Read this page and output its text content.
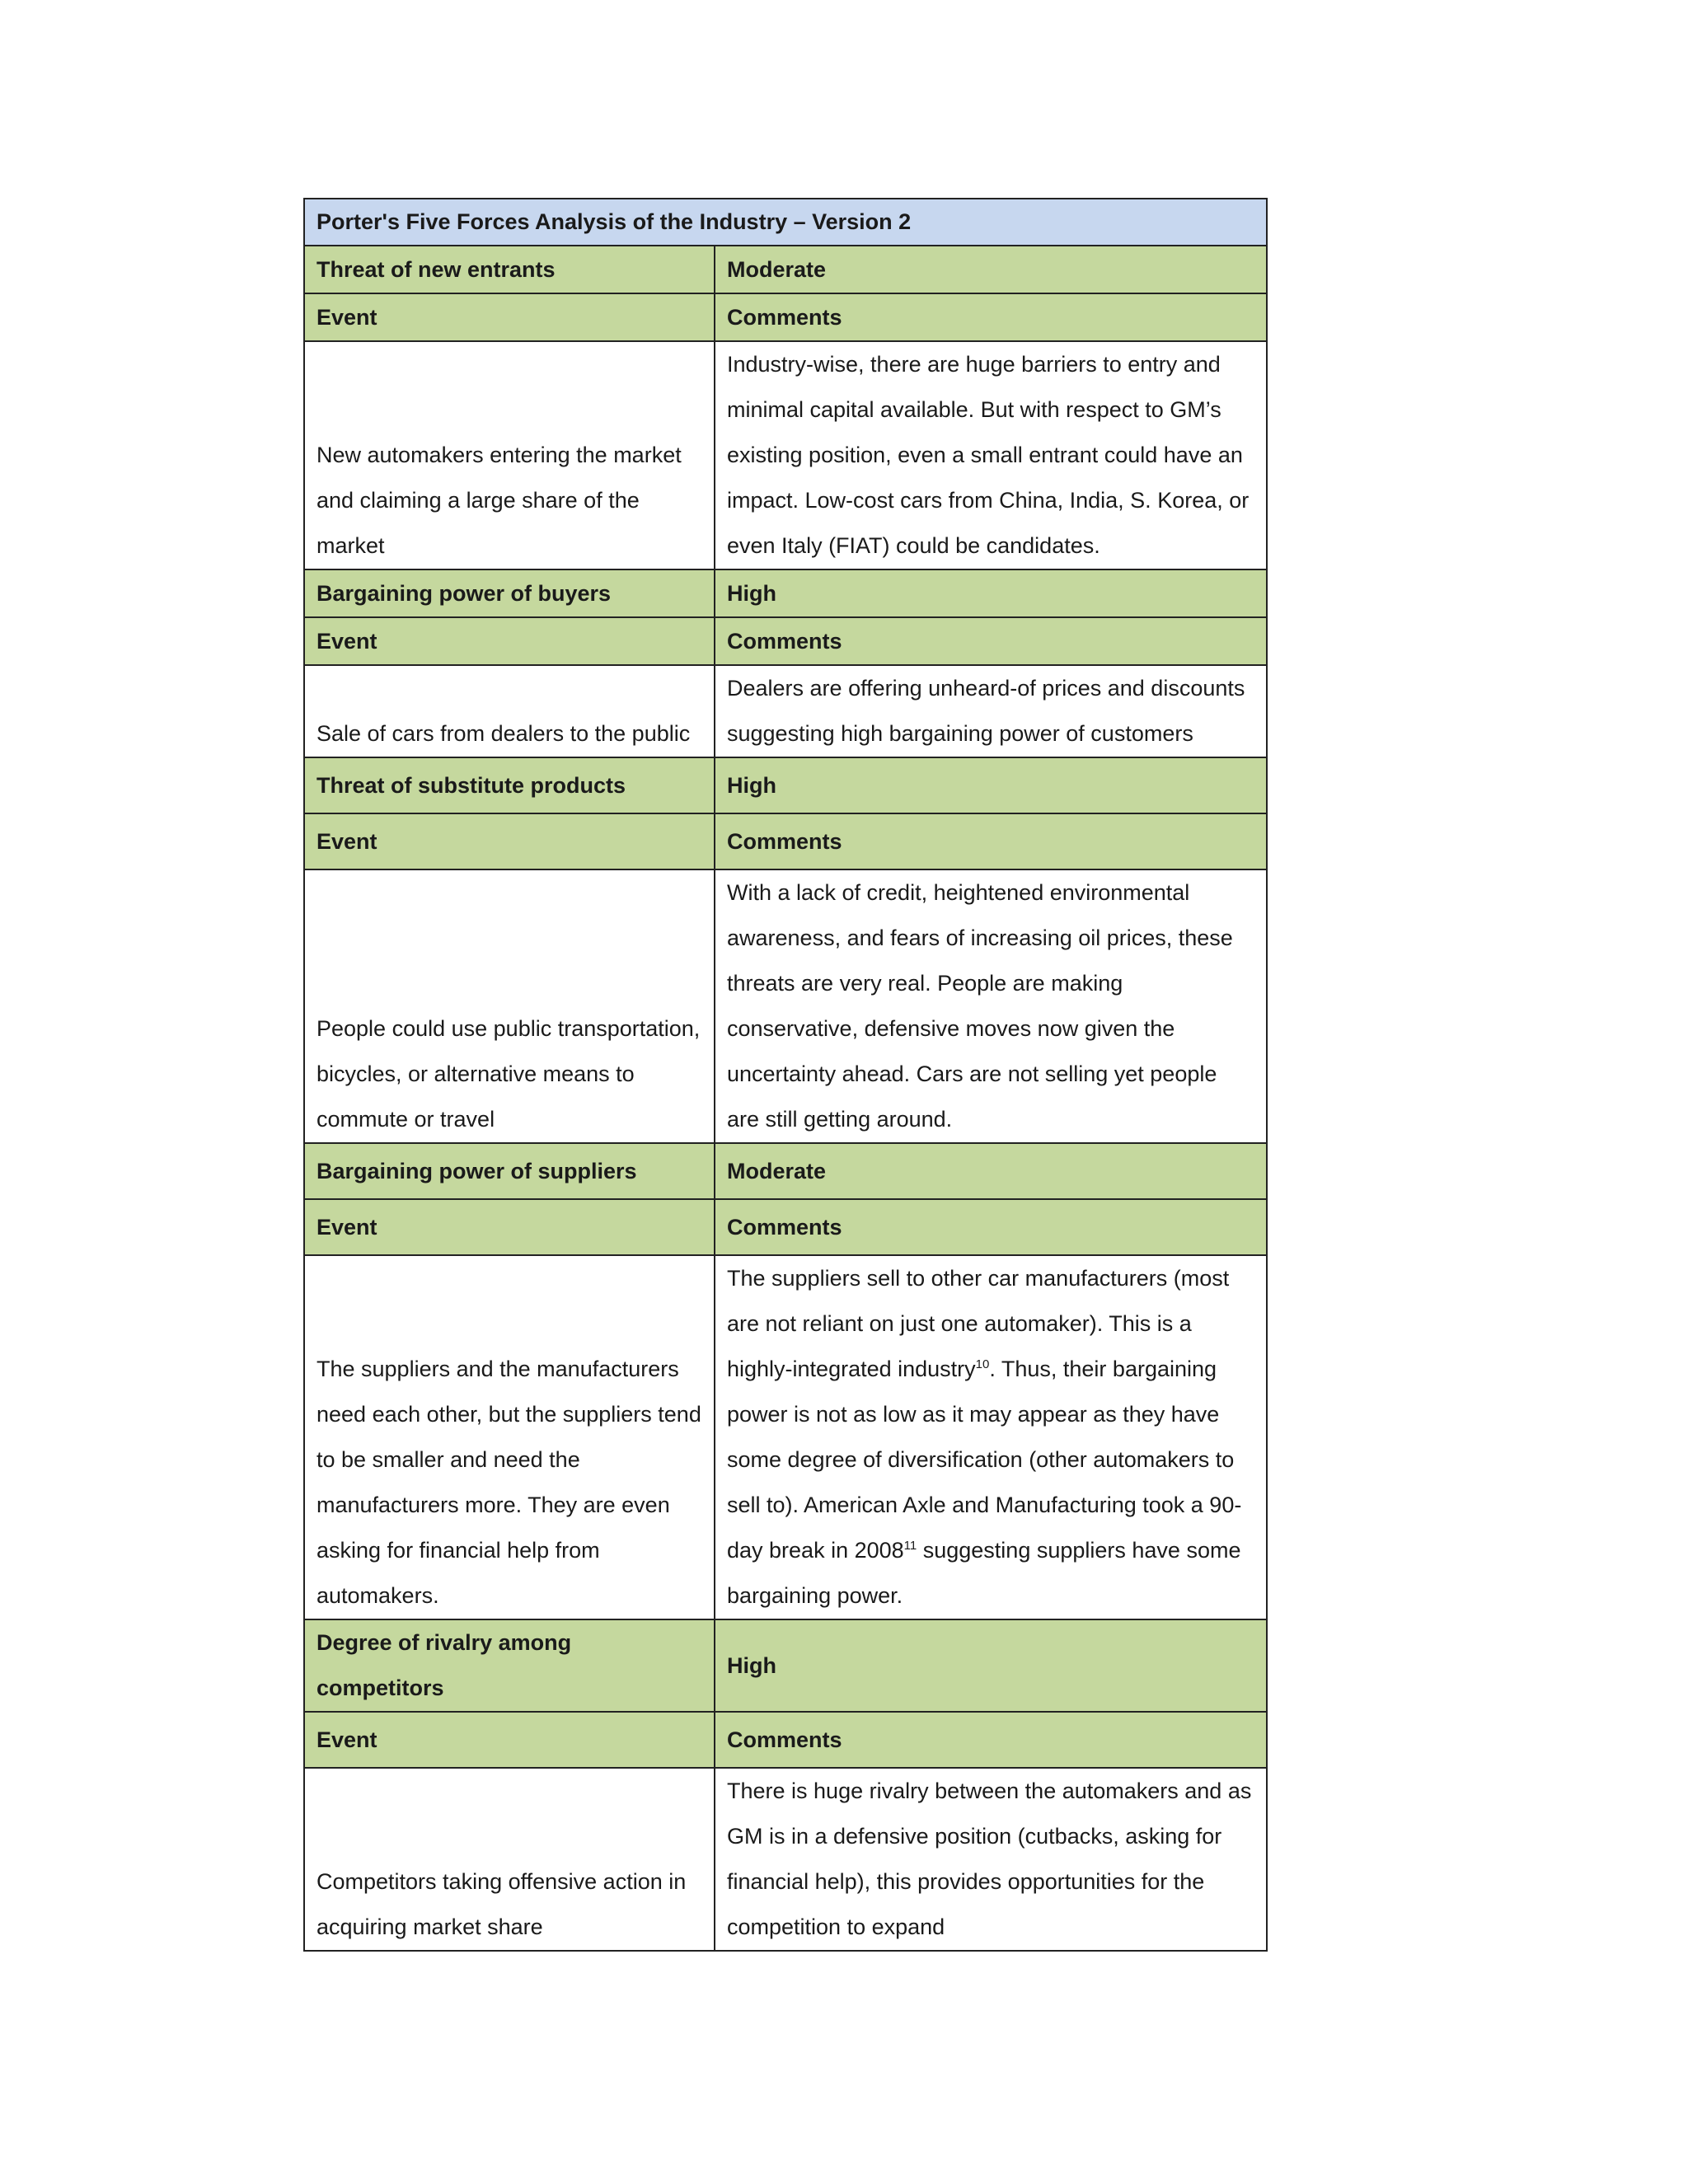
Porter's Five Forces Analysis of the Industry – Version 2	
Threat of new entrants	Moderate
Event	Comments
New automakers entering the market and claiming a large share of the market	Industry-wise, there are huge barriers to entry and minimal capital available. But with respect to GM’s existing position, even a small entrant could have an impact. Low-cost cars from China, India, S. Korea, or even Italy (FIAT) could be candidates.
Bargaining power of buyers	High
Event	Comments
Sale of cars from dealers to the public	Dealers are offering unheard-of prices and discounts suggesting high bargaining power of customers
Threat of substitute products	High
Event	Comments
People could use public transportation, bicycles, or alternative means to commute or travel	With a lack of credit, heightened environmental awareness, and fears of increasing oil prices, these threats are very real. People are making conservative, defensive moves now given the uncertainty ahead. Cars are not selling yet people are still getting around.
Bargaining power of suppliers	Moderate
Event	Comments
The suppliers and the manufacturers need each other, but the suppliers tend to be smaller and need the manufacturers more. They are even asking for financial help from automakers.	The suppliers sell to other car manufacturers (most are not reliant on just one automaker). This is a highly-integrated industry$^{10}$. Thus, their bargaining power is not as low as it may appear as they have some degree of diversification (other automakers to sell to). American Axle and Manufacturing took a 90-day break in 2008$^{11}$ suggesting suppliers have some bargaining power.
Degree of rivalry among competitors	High
Event	Comments
Competitors taking offensive action in acquiring market share	There is huge rivalry between the automakers and as GM is in a defensive position (cutbacks, asking for financial help), this provides opportunities for the competition to expand
